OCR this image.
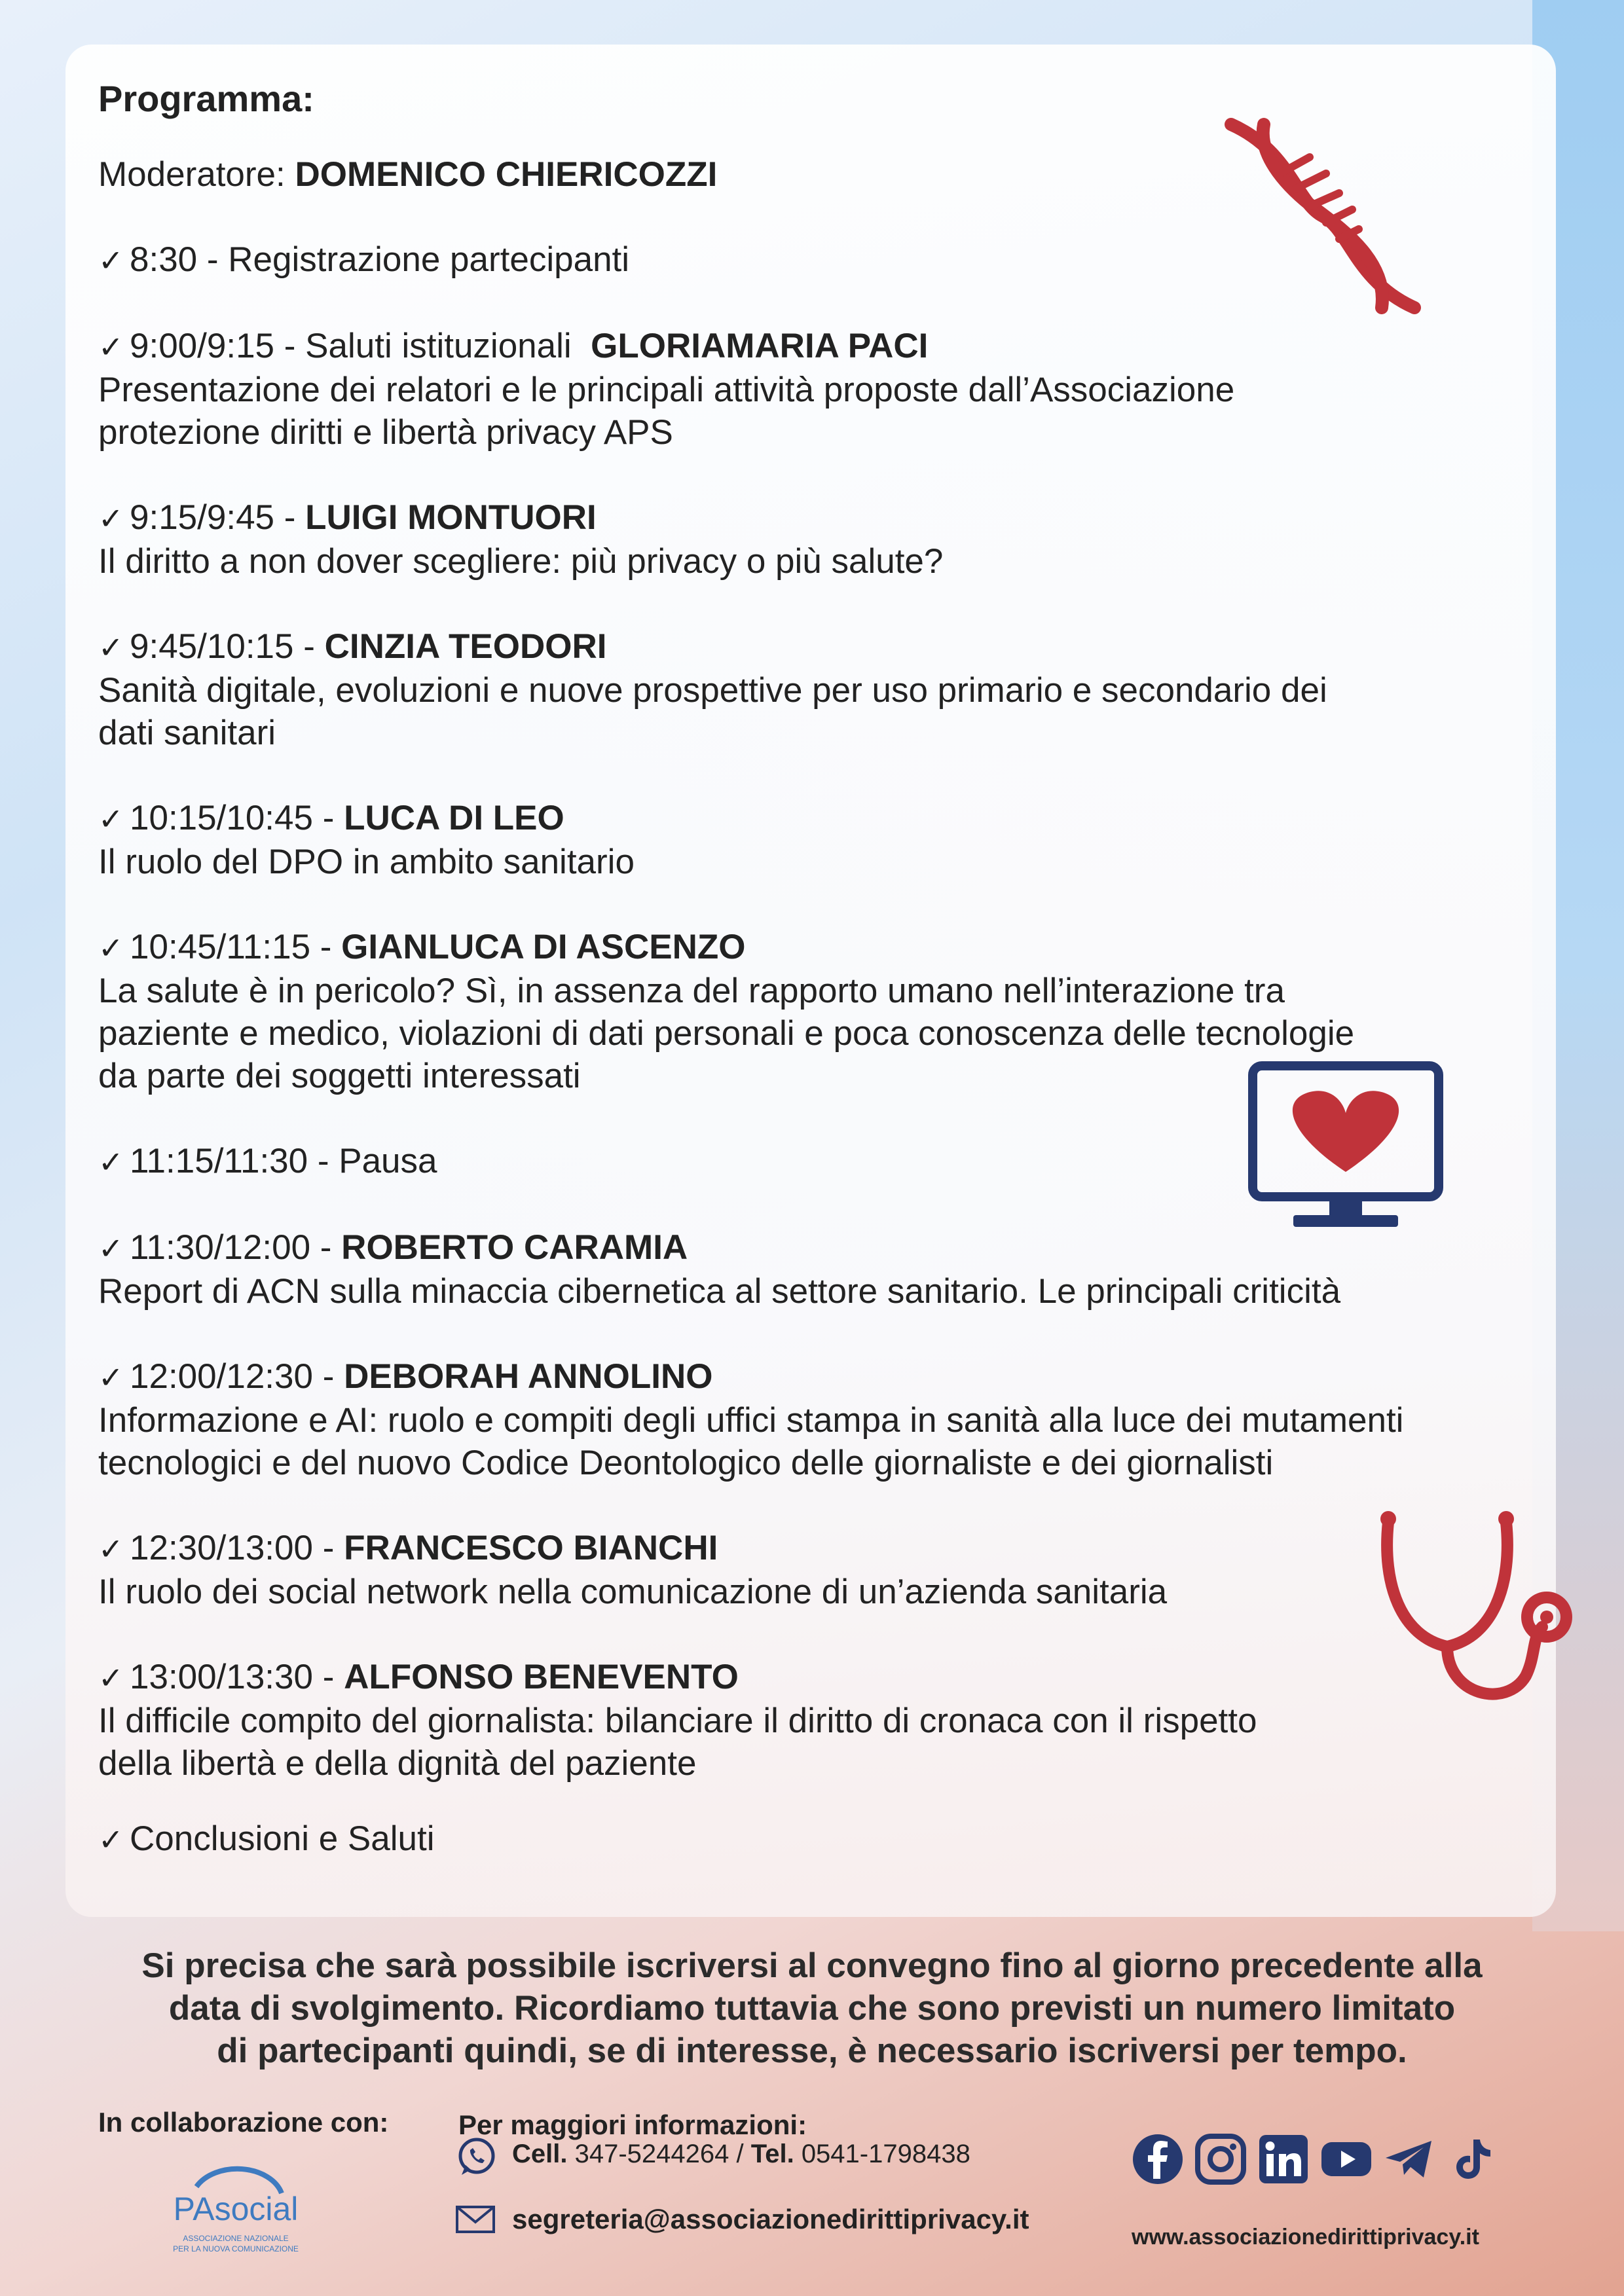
Programma:
Moderatore: DOMENICO CHIERICOZZI
✓ 8:30 - Registrazione partecipanti
✓ 9:00/9:15 - Saluti istituzionali GLORIAMARIA PACI
Presentazione dei relatori e le principali attività proposte dall’Associazione
protezione diritti e libertà privacy APS
✓ 9:15/9:45 - LUIGI MONTUORI
Il diritto a non dover scegliere: più privacy o più salute?
✓ 9:45/10:15 - CINZIA TEODORI
Sanità digitale, evoluzioni e nuove prospettive per uso primario e secondario dei
dati sanitari
✓ 10:15/10:45 - LUCA DI LEO
Il ruolo del DPO in ambito sanitario
✓ 10:45/11:15 - GIANLUCA DI ASCENZO
La salute è in pericolo? Sì, in assenza del rapporto umano nell’interazione tra
paziente e medico, violazioni di dati personali e poca conoscenza delle tecnologie
da parte dei soggetti interessati
✓ 11:15/11:30 - Pausa
✓ 11:30/12:00 - ROBERTO CARAMIA
Report di ACN sulla minaccia cibernetica al settore sanitario. Le principali criticità
✓ 12:00/12:30 - DEBORAH ANNOLINO
Informazione e AI: ruolo e compiti degli uffici stampa in sanità alla luce dei mutamenti
tecnologici e del nuovo Codice Deontologico delle giornaliste e dei giornalisti
✓ 12:30/13:00 - FRANCESCO BIANCHI
Il ruolo dei social network nella comunicazione di un’azienda sanitaria
✓ 13:00/13:30 - ALFONSO BENEVENTO
Il difficile compito del giornalista: bilanciare il diritto di cronaca con il rispetto
della libertà e della dignità del paziente
✓ Conclusioni e Saluti
Si precisa che sarà possibile iscriversi al convegno fino al giorno precedente alla
data di svolgimento. Ricordiamo tuttavia che sono previsti un numero limitato
di partecipanti quindi, se di interesse, è necessario iscriversi per tempo.
In collaborazione con:	Per maggiori informazioni:
PAsocial
ASSOCIAZIONE NAZIONALE
PER LA NUOVA COMUNICAZIONE
Cell. 347-5244264 / Tel. 0541-1798438
segreteria@associazionedirittiprivacy.it
www.associazionedirittiprivacy.it
